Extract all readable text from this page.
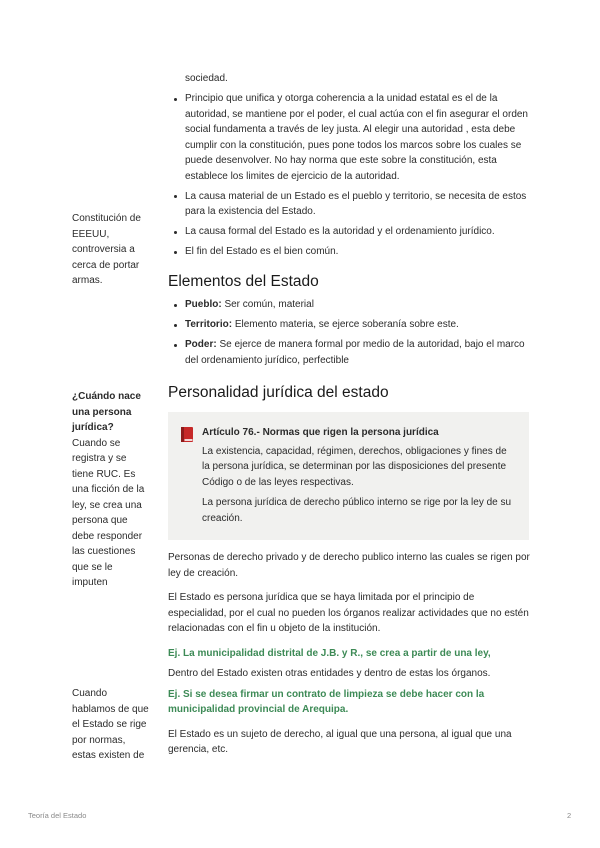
Constitución de EEEUU, controversia a cerca de portar armas.
¿Cuándo nace una persona jurídica?
Cuando se registra y se tiene RUC. Es una ficción de la ley, se crea una persona que debe responder las cuestiones que se le imputen
Cuando hablamos de que el Estado se rige por normas, estas existen de
sociedad.
Principio que unifica y otorga coherencia a la unidad estatal es el de la autoridad, se mantiene por el poder, el cual actúa con el fin asegurar el orden social fundamenta a través de ley justa. Al elegir una autoridad , esta debe cumplir con la constitución, pues pone todos los marcos sobre los cuales se puede desenvolver. No hay norma que este sobre la constitución, esta establece los limites de ejercicio de la autoridad.
La causa material de un Estado es el pueblo y territorio, se necesita de estos para la existencia del Estado.
La causa formal del Estado es la autoridad y el ordenamiento jurídico.
El fin del Estado es el bien común.
Elementos del Estado
Pueblo: Ser común, material
Territorio: Elemento materia, se ejerce soberanía sobre este.
Poder: Se ejerce de manera formal por medio de la autoridad, bajo el marco del ordenamiento jurídico, perfectible
Personalidad jurídica del estado
Artículo 76.- Normas que rigen la persona jurídica

La existencia, capacidad, régimen, derechos, obligaciones y fines de la persona jurídica, se determinan por las disposiciones del presente Código o de las leyes respectivas.

La persona jurídica de derecho público interno se rige por la ley de su creación.

Personas de derecho privado y de derecho publico interno las cuales se rigen por ley de creación.

El Estado es persona jurídica que se haya limitada por el principio de especialidad, por el cual no pueden los órganos realizar actividades que no estén relacionadas con el fin u objeto de la institución.

Ej. La municipalidad distrital de J.B. y R., se crea a partir de una ley,

Dentro del Estado existen otras entidades y dentro de estas los órganos.

Ej. Si se desea firmar un contrato de limpieza se debe hacer con la municipalidad provincial de Arequipa.

El Estado es un sujeto de derecho, al igual que una persona, al igual que una gerencia, etc.

Teoría del Estado	2
